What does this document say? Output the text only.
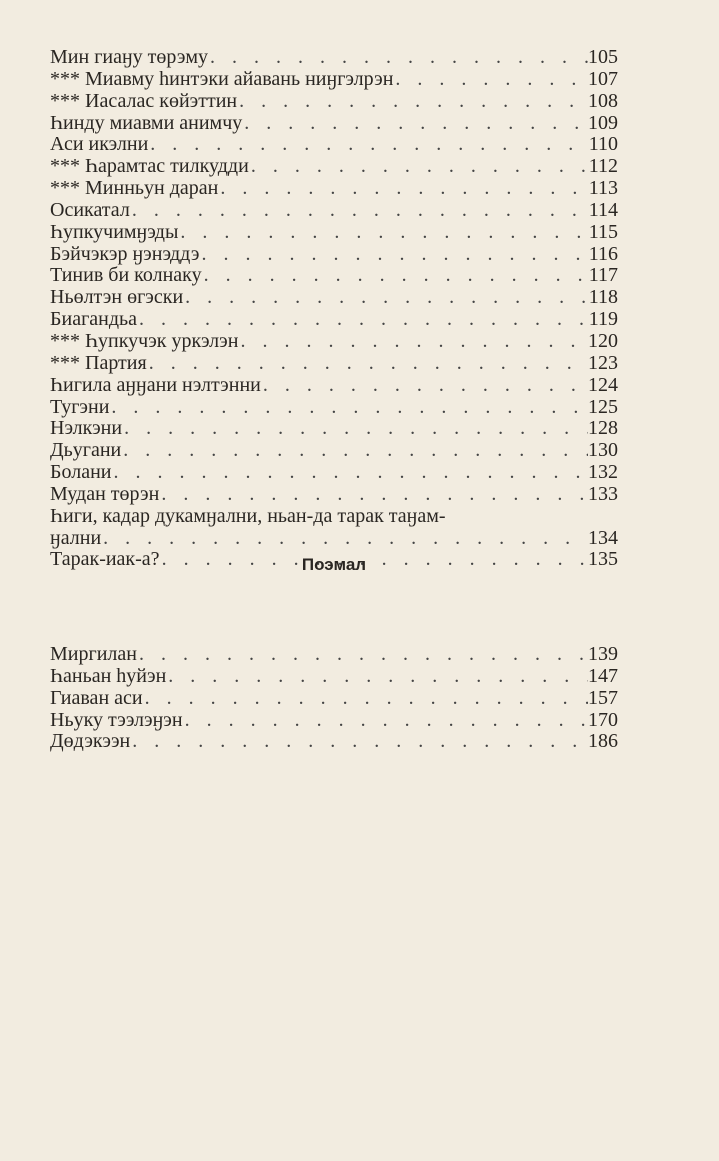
Мин гиаӈу төрэму . . .	105
*** Миавму һинтэки айавань ниӈгэлрэн . . .	107
*** Иасалас көйэттин . . .	108
Һинду миавми анимчу . . .	109
Аси икэлни . . .	110
*** Һарамтас тилкудди . . .	112
*** Минньун даран . . .	113
Осикатал . . .	114
Һупкучимӈэды . . .	115
Бэйчэкэр ӈэнэддэ . . .	116
Тинив би колнаку . . .	117
Ньөлтэн өгэски . . .	118
Биагандьа . . .	119
*** Һупкучэк уркэлэн . . .	120
*** Партия . . .	123
Һигила аӈӈани нэлтэнни . . .	124
Тугэни . . .	125
Нэлкэни . . .	128
Дьугани . . .	130
Болани . . .	132
Мудан төрэн . . .	133
Һиги, кадар дукамӈални, ньан-да тарак таӈам-
ӈални . . .	134
Тарак-иак-а? . . .	135
Поэмал
Миргилан . . .	139
Һаньан һуйэн . . .	147
Гиаван аси . . .	157
Ньуку тээлэӈэн . . .	170
Дөдэкээн . . .	186
